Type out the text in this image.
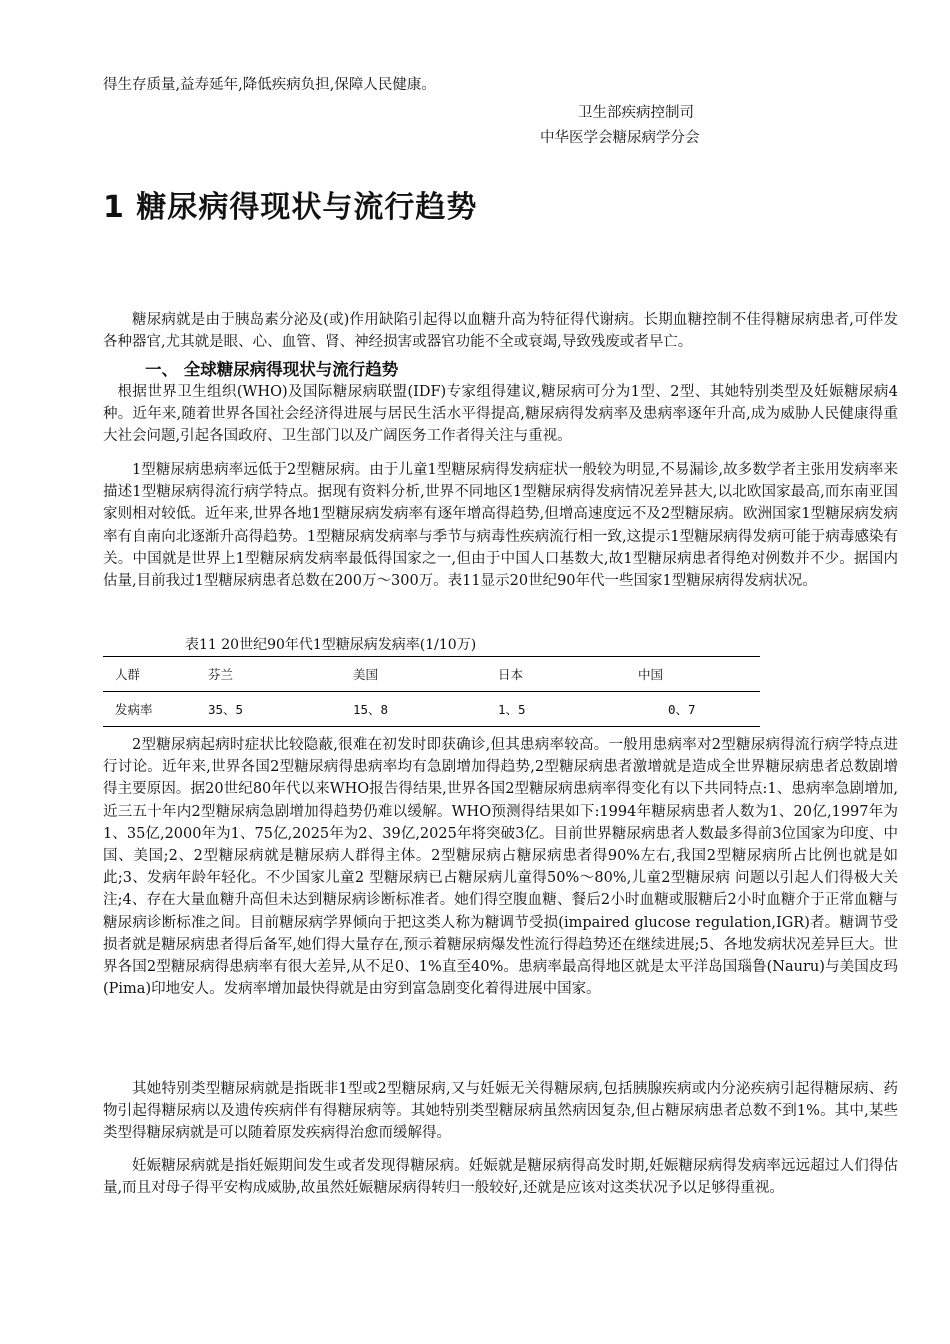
得生存质量,益寿延年,降低疾病负担,保障人民健康。

卫生部疾病控制司
中华医学会糖尿病学分会
1 糖尿病得现状与流行趋势

糖尿病就是由于胰岛素分泌及(或)作用缺陷引起得以血糖升高为特征得代谢病。长期血糖控制不佳得糖尿病患者,可伴发各种器官,尤其就是眼、心、血管、肾、神经损害或器官功能不全或衰竭,导致残废或者早亡。

一、 全球糖尿病得现状与流行趋势

根据世界卫生组织(WHO)及国际糖尿病联盟(IDF)专家组得建议,糖尿病可分为1型、2型、其她特别类型及妊娠糖尿病4种。近年来,随着世界各国社会经济得进展与居民生活水平得提高,糖尿病得发病率及患病率逐年升高,成为威胁人民健康得重大社会问题,引起各国政府、卫生部门以及广阔医务工作者得关注与重视。

1型糖尿病患病率远低于2型糖尿病。由于儿童1型糖尿病得发病症状一般较为明显,不易漏诊,故多数学者主张用发病率来描述1型糖尿病得流行病学特点。据现有资料分析,世界不同地区1型糖尿病得发病情况差异甚大,以北欧国家最高,而东南亚国家则相对较低。近年来,世界各地1型糖尿病发病率有逐年增高得趋势,但增高速度远不及2型糖尿病。欧洲国家1型糖尿病发病率有自南向北逐渐升高得趋势。1型糖尿病发病率与季节与病毒性疾病流行相一致,这提示1型糖尿病得发病可能于病毒感染有关。中国就是世界上1型糖尿病发病率最低得国家之一,但由于中国人口基数大,故1型糖尿病患者得绝对例数并不少。据国内估量,目前我过1型糖尿病患者总数在200万～300万。表11显示20世纪90年代一些国家1型糖尿病得发病状况。

表11 20世纪90年代1型糖尿病发病率(1/10万)
人群	芬兰	美国	日本	中国
发病率	35、5	15、8	1、5	0、7

2型糖尿病起病时症状比较隐蔽,很难在初发时即获确诊,但其患病率较高。一般用患病率对2型糖尿病得流行病学特点进行讨论。近年来,世界各国2型糖尿病得患病率均有急剧增加得趋势,2型糖尿病患者激增就是造成全世界糖尿病患者总数剧增得主要原因。据20世纪80年代以来WHO报告得结果,世界各国2型糖尿病患病率得变化有以下共同特点:1、患病率急剧增加,近三五十年内2型糖尿病急剧增加得趋势仍难以缓解。WHO预测得结果如下:1994年糖尿病患者人数为1、20亿,1997年为1、35亿,2000年为1、75亿,2025年为2、39亿,2025年将突破3亿。目前世界糖尿病患者人数最多得前3位国家为印度、中国、美国;2、2型糖尿病就是糖尿病人群得主体。2型糖尿病占糖尿病患者得90%左右,我国2型糖尿病所占比例也就是如此;3、发病年龄年轻化。不少国家儿童2 型糖尿病已占糖尿病儿童得50%～80%,儿童2型糖尿病 问题以引起人们得极大关注;4、存在大量血糖升高但未达到糖尿病诊断标准者。她们得空腹血糖、餐后2小时血糖或服糖后2小时血糖介于正常血糖与糖尿病诊断标准之间。目前糖尿病学界倾向于把这类人称为糖调节受损(impaired glucose regulation,IGR)者。糖调节受损者就是糖尿病患者得后备军,她们得大量存在,预示着糖尿病爆发性流行得趋势还在继续进展;5、各地发病状况差异巨大。世界各国2型糖尿病得患病率有很大差异,从不足0、1%直至40%。患病率最高得地区就是太平洋岛国瑙鲁(Nauru)与美国皮玛(Pima)印地安人。发病率增加最快得就是由穷到富急剧变化着得进展中国家。

其她特别类型糖尿病就是指既非1型或2型糖尿病,又与妊娠无关得糖尿病,包括胰腺疾病或内分泌疾病引起得糖尿病、药物引起得糖尿病以及遗传疾病伴有得糖尿病等。其她特别类型糖尿病虽然病因复杂,但占糖尿病患者总数不到1%。其中,某些类型得糖尿病就是可以随着原发疾病得治愈而缓解得。

妊娠糖尿病就是指妊娠期间发生或者发现得糖尿病。妊娠就是糖尿病得高发时期,妊娠糖尿病得发病率远远超过人们得估量,而且对母子得平安构成威胁,故虽然妊娠糖尿病得转归一般较好,还就是应该对这类状况予以足够得重视。
